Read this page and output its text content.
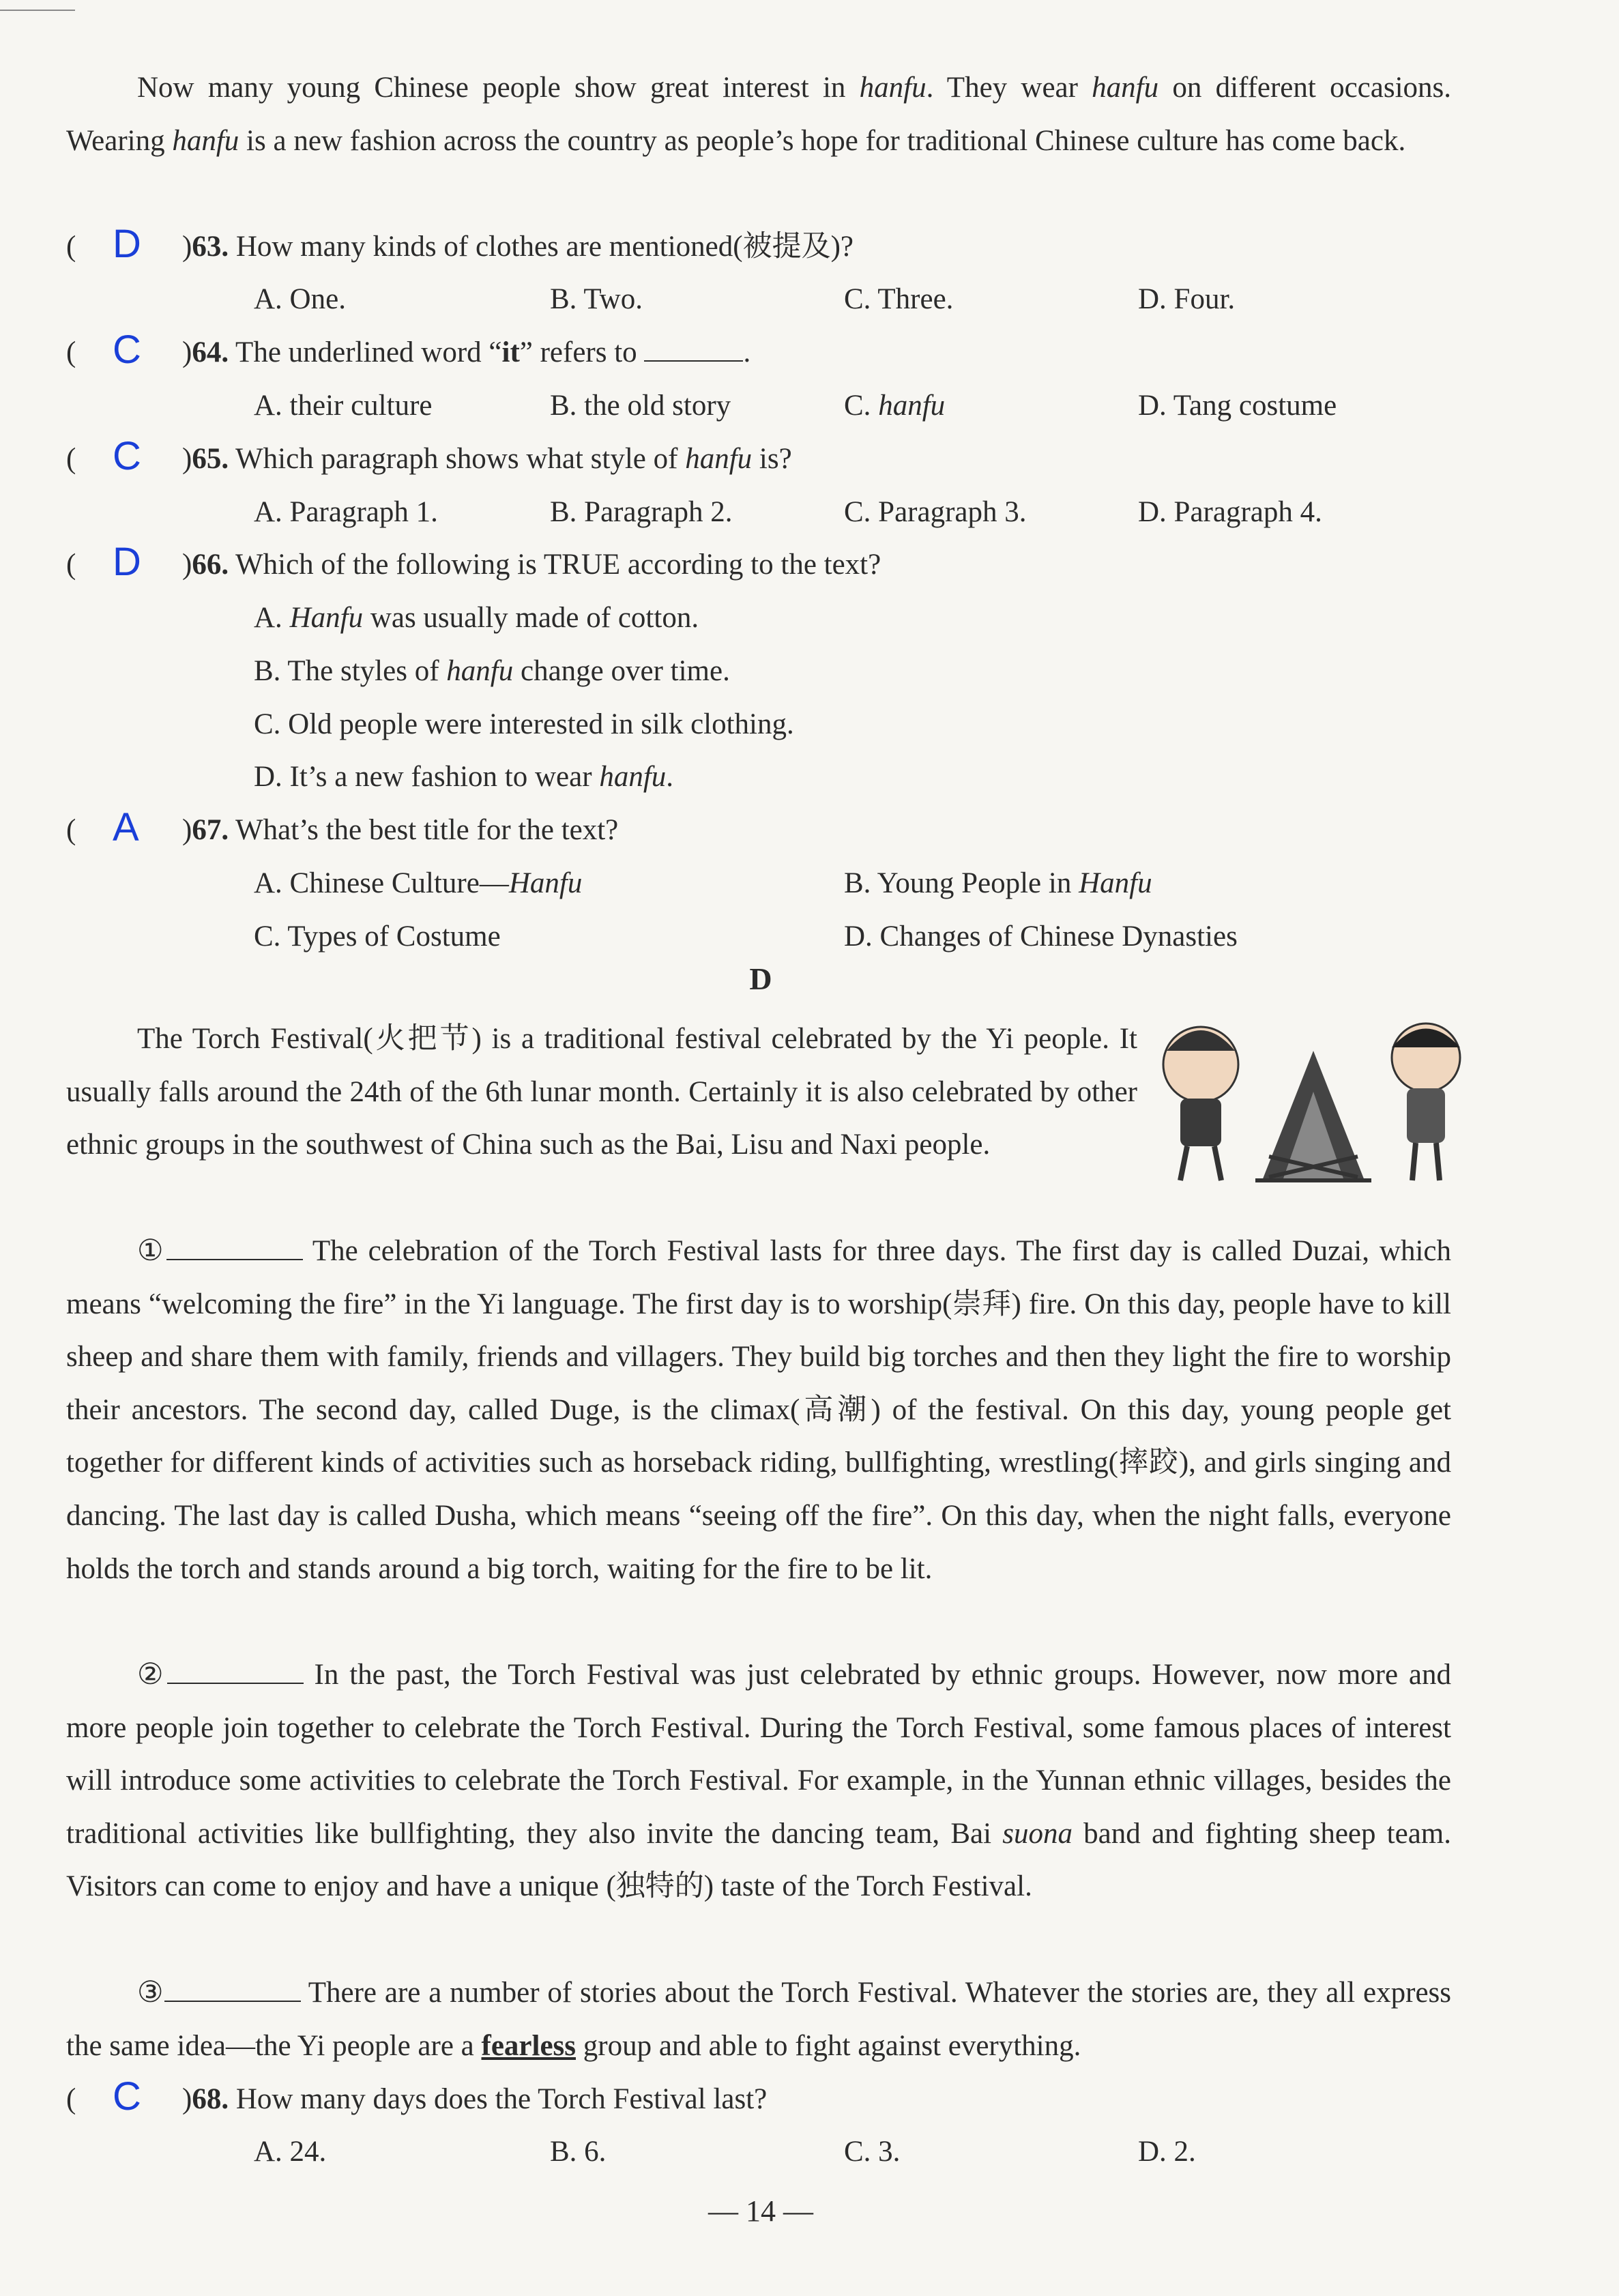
Now many young Chinese people show great interest in hanfu. They wear hanfu on different occasions. Wearing hanfu is a new fashion across the country as people’s hope for traditional Chinese culture has come back.

( D )63. How many kinds of clothes are mentioned(被提及)?
A. One.	B. Two.	C. Three.	D. Four.
( C )64. The underlined word “it” refers to	.
A. their culture	B. the old story	C. hanfu	D. Tang costume
( C )65. Which paragraph shows what style of hanfu is?
A. Paragraph 1.	B. Paragraph 2.	C. Paragraph 3.	D. Paragraph 4.
( D )66. Which of the following is TRUE according to the text?
A. Hanfu was usually made of cotton.
B. The styles of hanfu change over time.
C. Old people were interested in silk clothing.
D. It’s a new fashion to wear hanfu.
( A )67. What’s the best title for the text?
A. Chinese Culture—Hanfu	B. Young People in Hanfu
C. Types of Costume	D. Changes of Chinese Dynasties
D

The Torch Festival(火把节) is a traditional festival celebrated by the Yi people. It usually falls around the 24th of the 6th lunar month. Certainly it is also celebrated by other ethnic groups in the southwest of China such as the Bai, Lisu and Naxi people.

①	The celebration of the Torch Festival lasts for three days. The first day is called Duzai, which means “welcoming the fire” in the Yi language. The first day is to worship(崇拜) fire. On this day, people have to kill sheep and share them with family, friends and villagers. They build big torches and then they light the fire to worship their ancestors. The second day, called Duge, is the climax(高潮) of the festival. On this day, young people get together for different kinds of activities such as horseback riding, bullfighting, wrestling(摔跤), and girls singing and dancing. The last day is called Dusha, which means “seeing off the fire”. On this day, when the night falls, everyone holds the torch and stands around a big torch, waiting for the fire to be lit.

②	In the past, the Torch Festival was just celebrated by ethnic groups. However, now more and more people join together to celebrate the Torch Festival. During the Torch Festival, some famous places of interest will introduce some activities to celebrate the Torch Festival. For example, in the Yunnan ethnic villages, besides the traditional activities like bullfighting, they also invite the dancing team, Bai suona band and fighting sheep team. Visitors can come to enjoy and have a unique (独特的) taste of the Torch Festival.

③	There are a number of stories about the Torch Festival. Whatever the stories are, they all express the same idea—the Yi people are a fearless group and able to fight against everything.

( C )68. How many days does the Torch Festival last?
A. 24.	B. 6.	C. 3.	D. 2.
— 14 —
